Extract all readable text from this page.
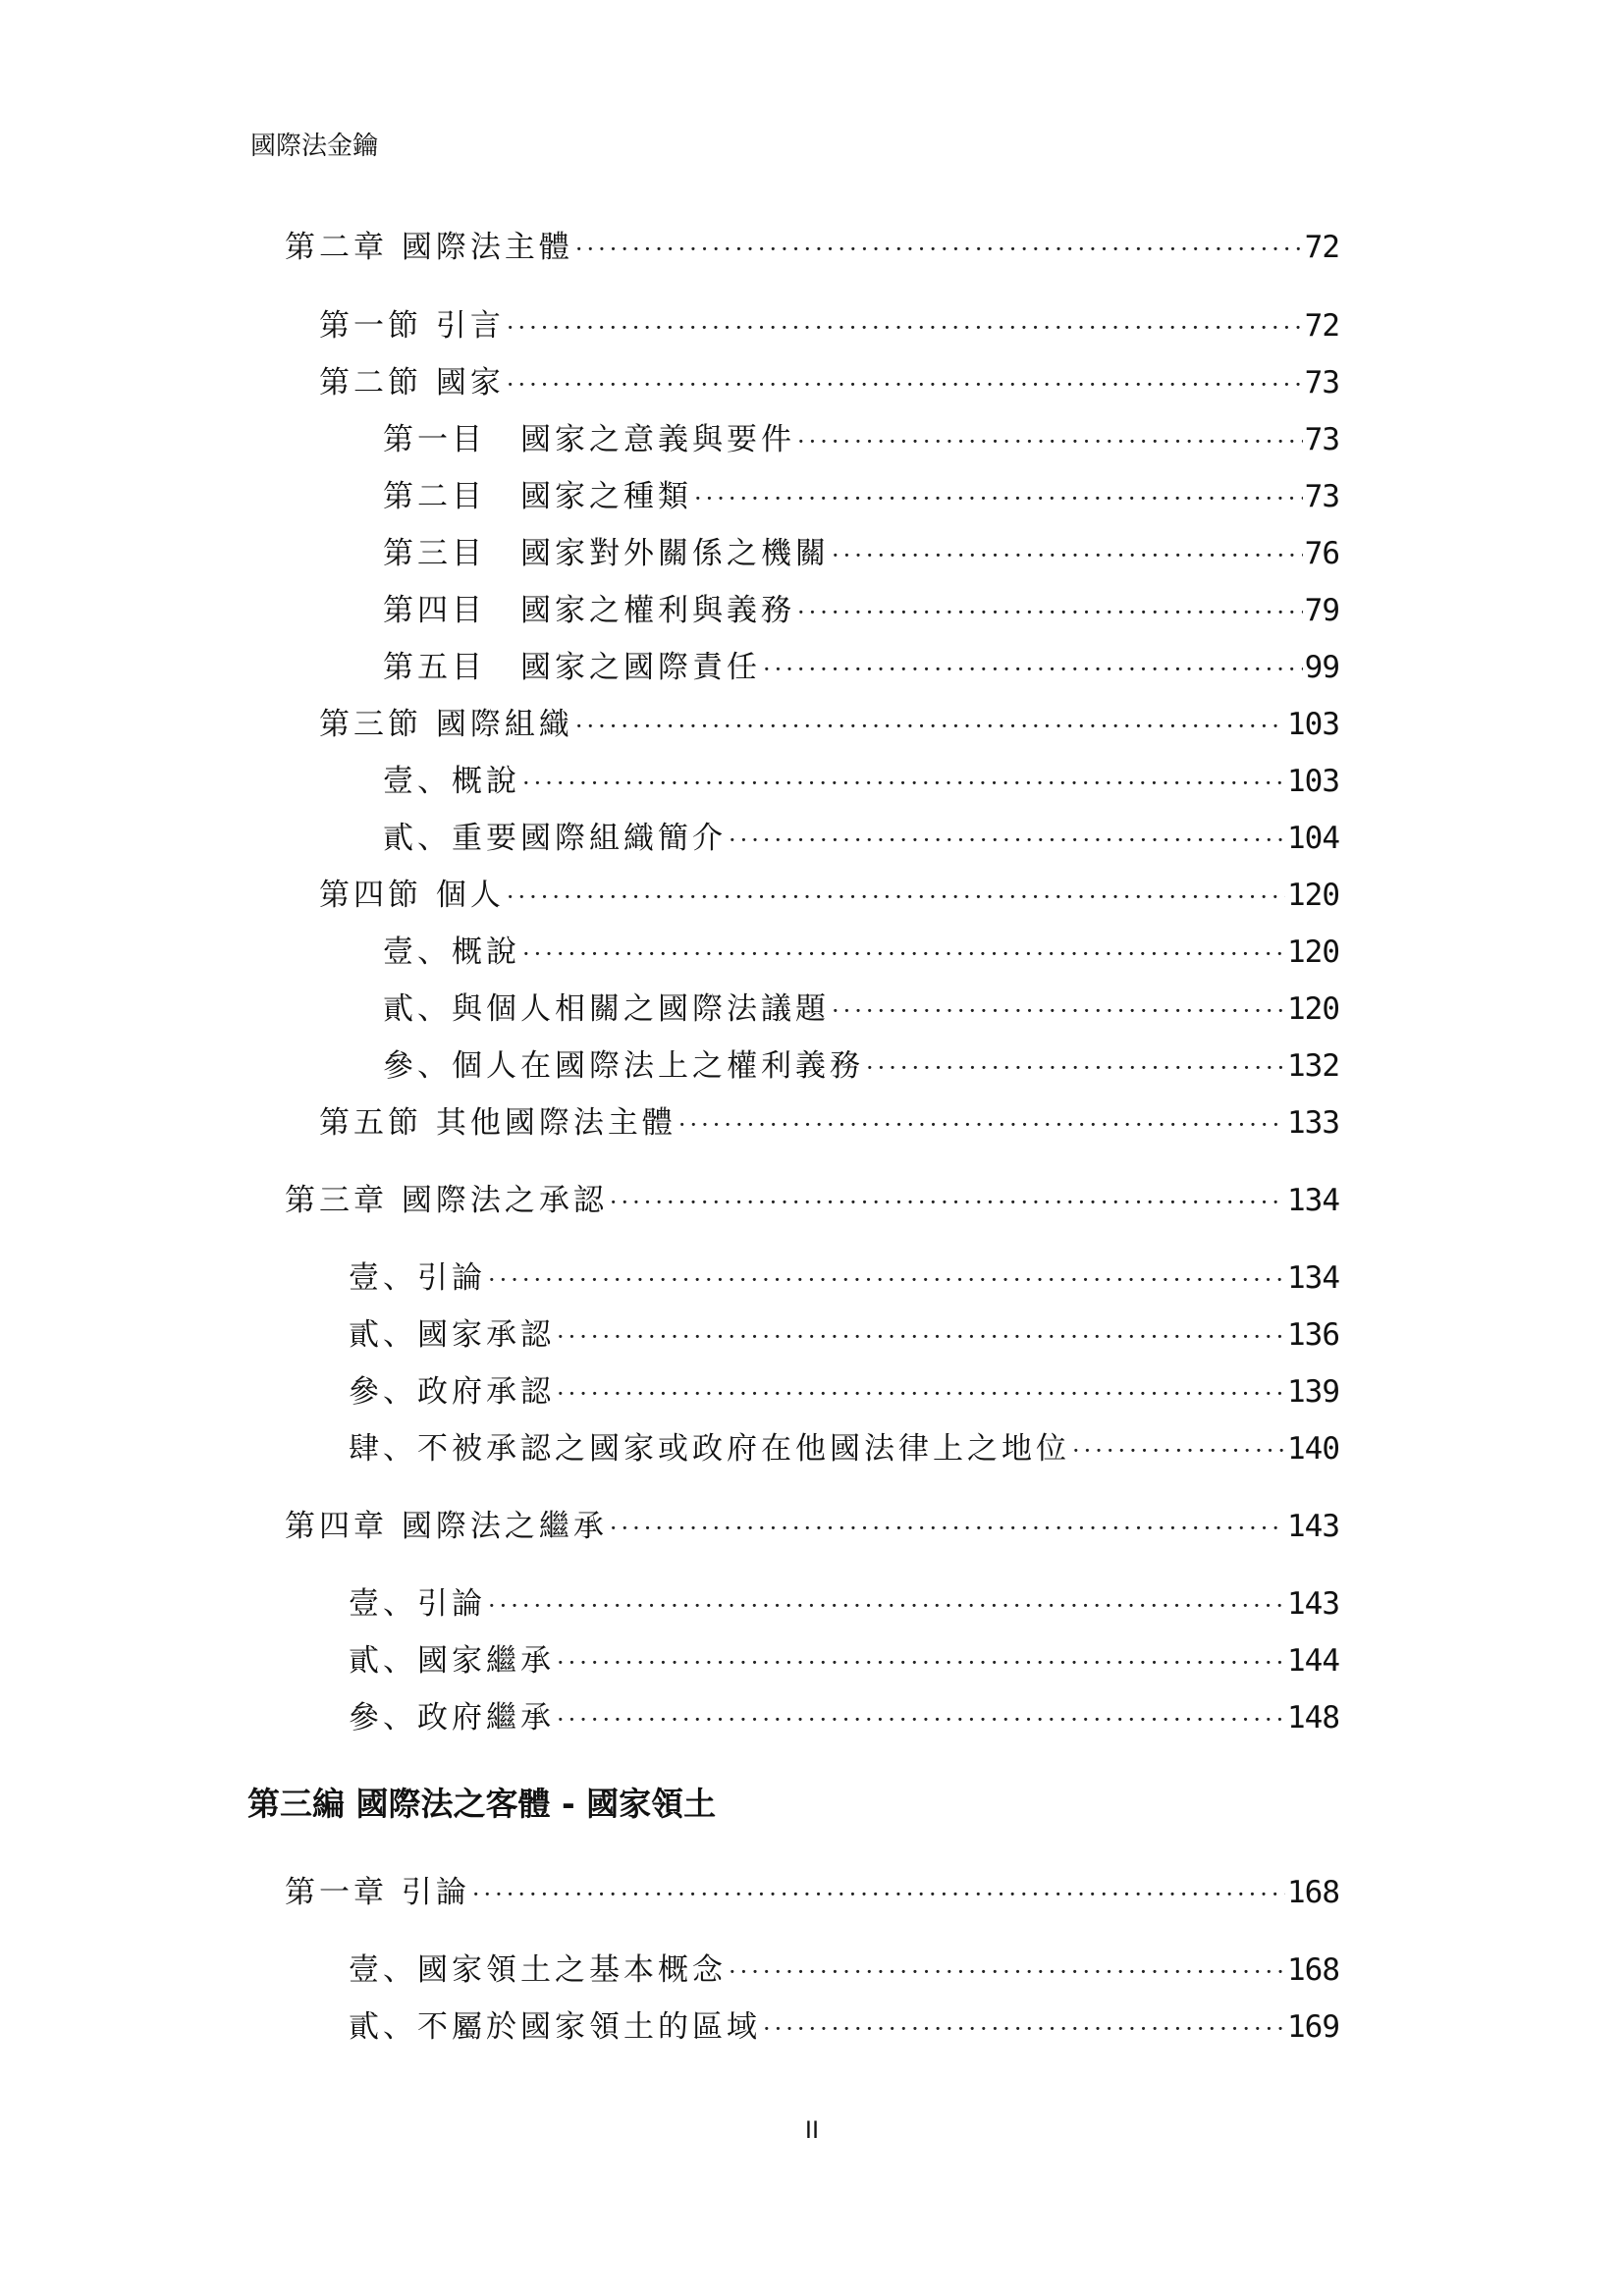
國際法金鑰
第二章 國際法主體 ·····	72
第一節 引言 ·····	72
第二節 國家 ·····	73
第一目　國家之意義與要件 ·····	73
第二目　國家之種類 ·····	73
第三目　國家對外關係之機關 ·····	76
第四目　國家之權利與義務 ·····	79
第五目　國家之國際責任 ·····	99
第三節 國際組織 ·····	103
壹、概說 ·····	103
貳、重要國際組織簡介 ·····	104
第四節 個人 ·····	120
壹、概說 ·····	120
貳、與個人相關之國際法議題 ·····	120
參、個人在國際法上之權利義務 ·····	132
第五節 其他國際法主體 ·····	133
第三章 國際法之承認 ·····	134
壹、引論 ·····	134
貳、國家承認 ·····	136
參、政府承認 ·····	139
肆、不被承認之國家或政府在他國法律上之地位 ·····	140
第四章 國際法之繼承 ·····	143
壹、引論 ·····	143
貳、國家繼承 ·····	144
參、政府繼承 ·····	148
第三編 國際法之客體 - 國家領土
第一章 引論 ·····	168
壹、國家領土之基本概念 ·····	168
貳、不屬於國家領土的區域 ·····	169
II
